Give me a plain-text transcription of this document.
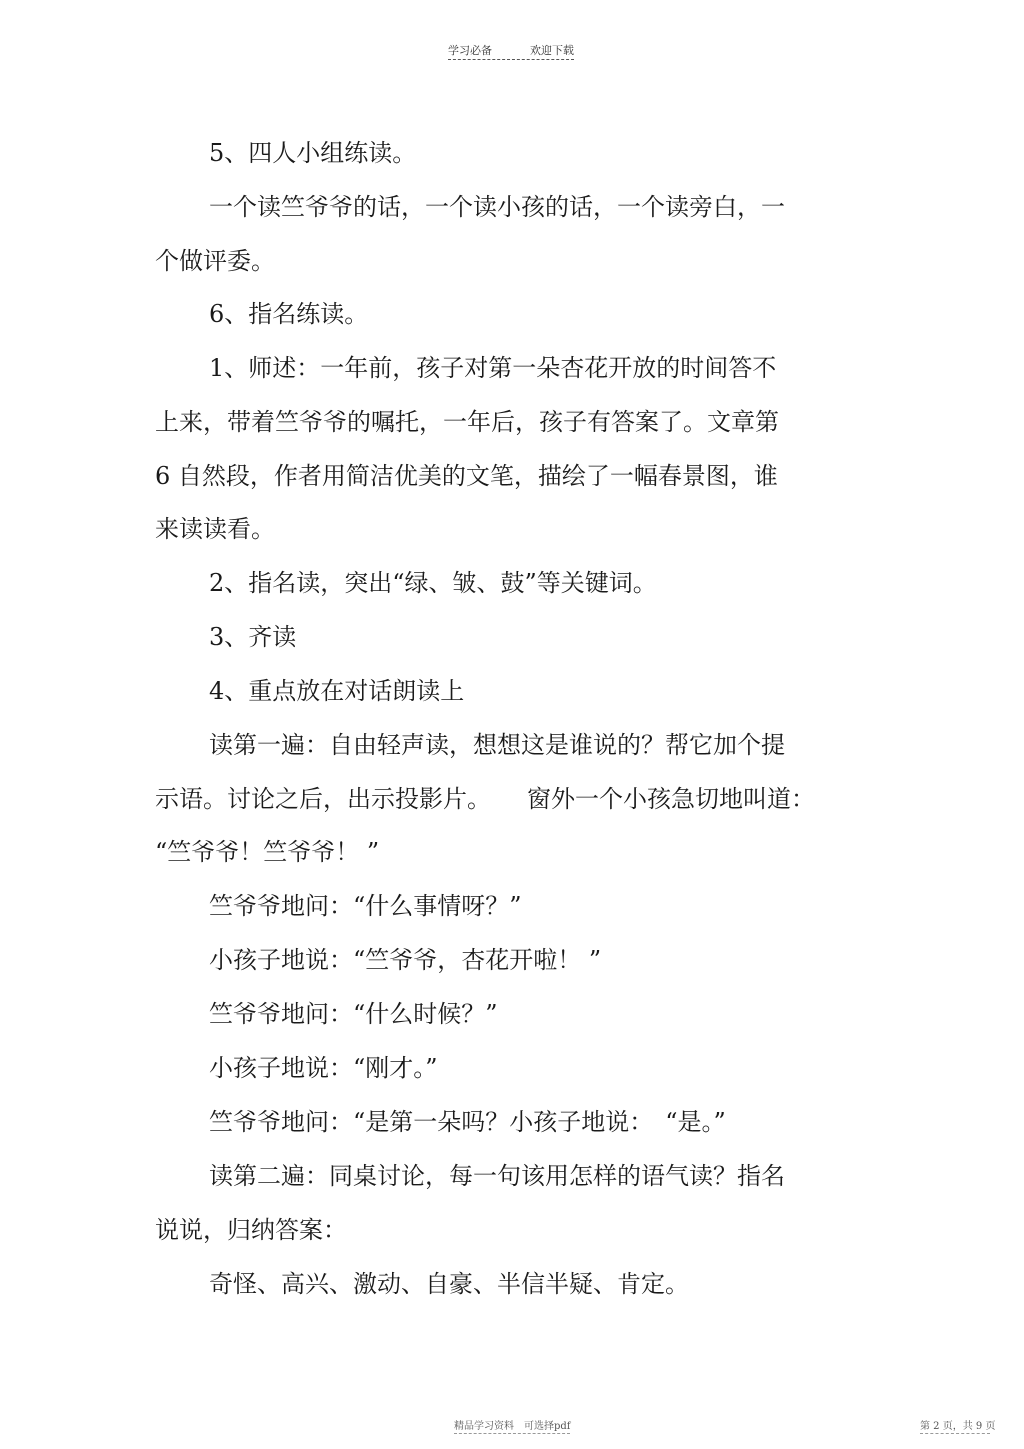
学习必备	欢迎下载
5、四人小组练读。
一个读竺爷爷的话，一个读小孩的话，一个读旁白，一
个做评委。
6、指名练读。
1、师述：一年前，孩子对第一朵杏花开放的时间答不
上来，带着竺爷爷的嘱托，一年后，孩子有答案了。文章第
6 自然段，作者用简洁优美的文笔，描绘了一幅春景图，谁
来读读看。
2、指名读，突出“绿、皱、鼓”等关键词。
3、齐读
4、重点放在对话朗读上
读第一遍：自由轻声读，想想这是谁说的？帮它加个提
示语。讨论之后，出示投影片。　　窗外一个小孩急切地叫道：
“竺爷爷！竺爷爷！ ”
竺爷爷地问：“什么事情呀？”
小孩子地说：“竺爷爷，杏花开啦！ ”
竺爷爷地问：“什么时候？”
小孩子地说：“刚才。”
竺爷爷地问：“是第一朵吗？小孩子地说：　“是。”
读第二遍：同桌讨论，每一句该用怎样的语气读？指名
说说，归纳答案：
奇怪、高兴、激动、自豪、半信半疑、肯定。
精品学习资料　可选择pdf	第 2 页，共 9 页
